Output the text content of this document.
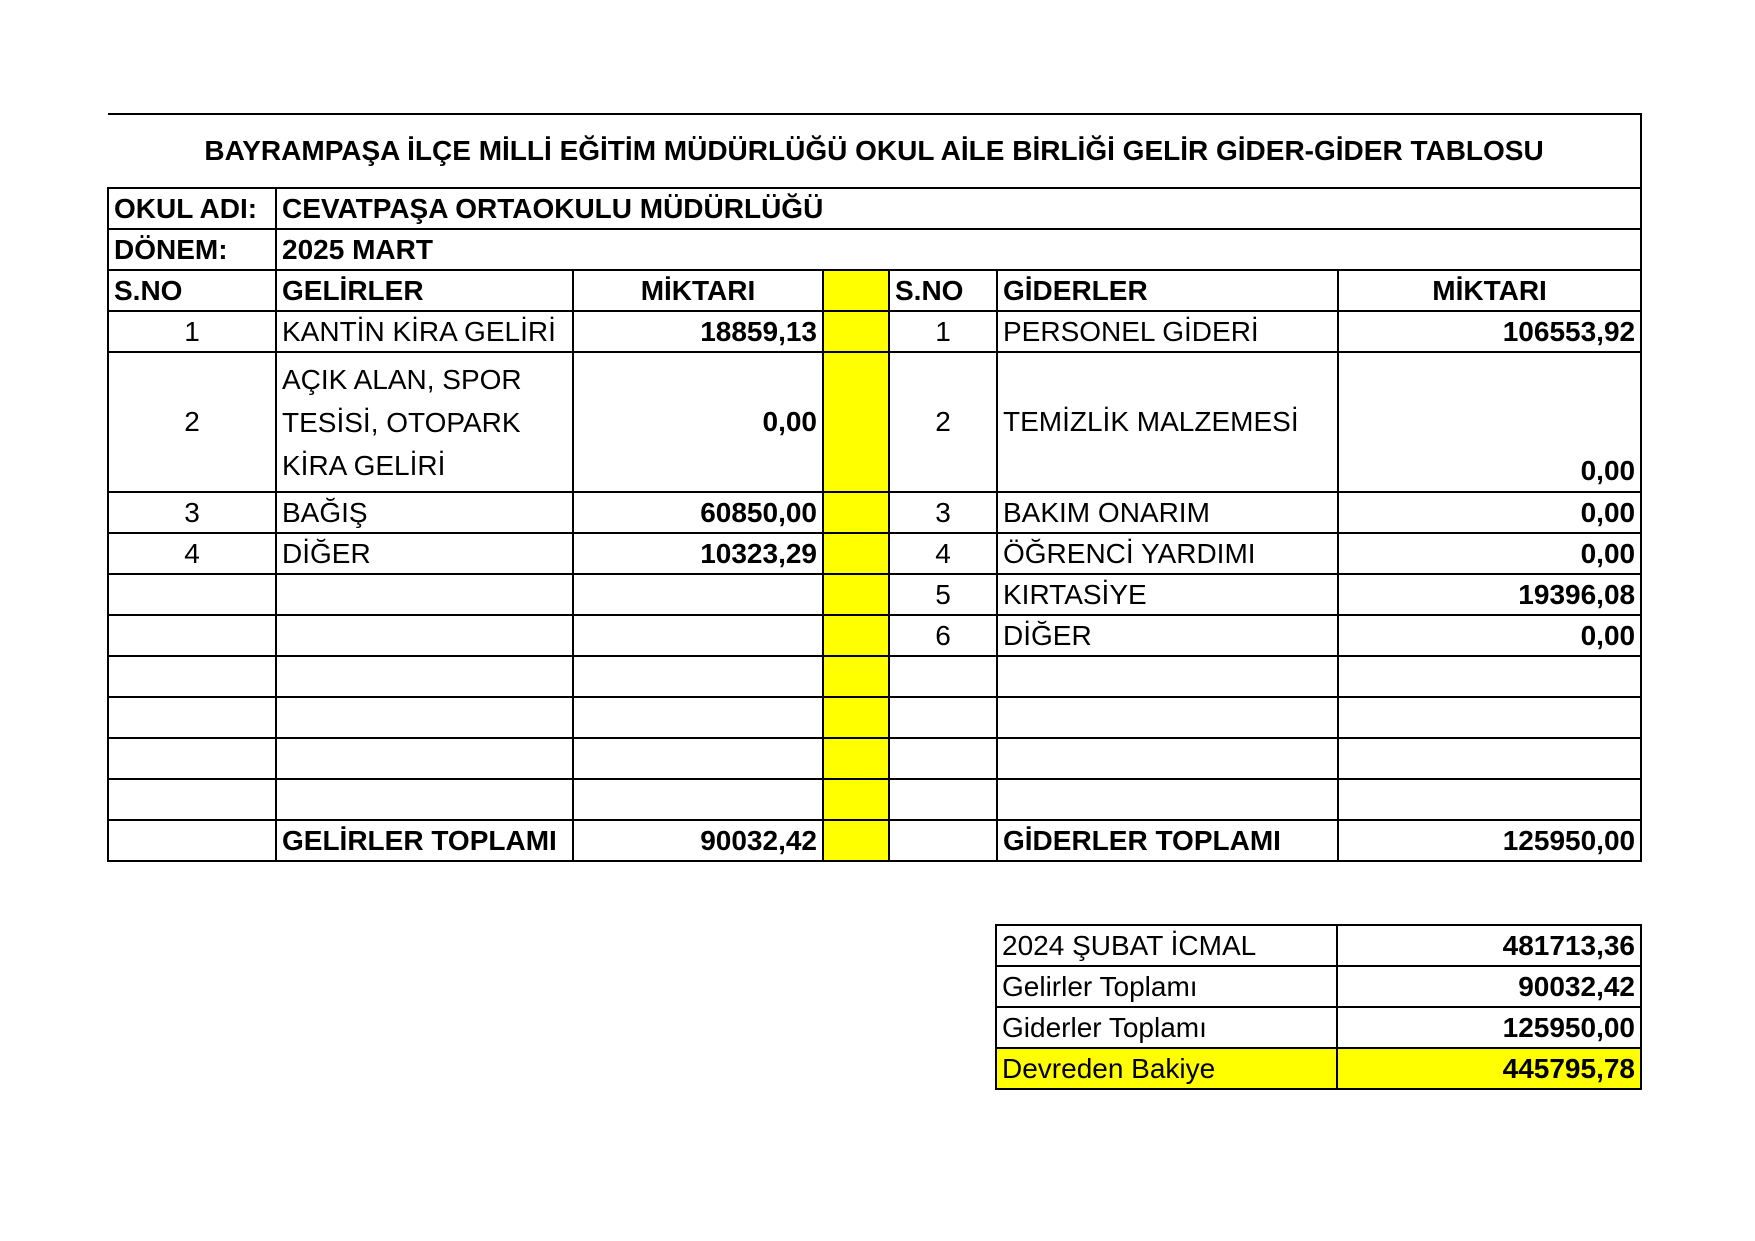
BAYRAMPAŞA İLÇE MİLLİ EĞİTİM MÜDÜRLÜĞÜ OKUL AİLE BİRLİĞİ GELİR GİDER-GİDER TABLOSU						
OKUL ADI:	CEVATPAŞA ORTAOKULU MÜDÜRLÜĞÜ					
DÖNEM:	2025 MART					
S.NO	GELİRLER	MİKTARI		S.NO	GİDERLER	MİKTARI
1	KANTİN KİRA GELİRİ	18859,13		1	PERSONEL GİDERİ	106553,92
2	AÇIK ALAN, SPOR TESİSİ, OTOPARK KİRA GELİRİ	0,00		2	TEMİZLİK MALZEMESİ	0,00
3	BAĞIŞ	60850,00		3	BAKIM ONARIM	0,00
4	DİĞER	10323,29		4	ÖĞRENCİ YARDIMI	0,00
				5	KIRTASİYE	19396,08
				6	DİĞER	0,00

	GELİRLER TOPLAMI	90032,42			GİDERLER TOPLAMI	125950,00
2024 ŞUBAT İCMAL	481713,36
Gelirler Toplamı	90032,42
Giderler Toplamı	125950,00
Devreden Bakiye	445795,78
